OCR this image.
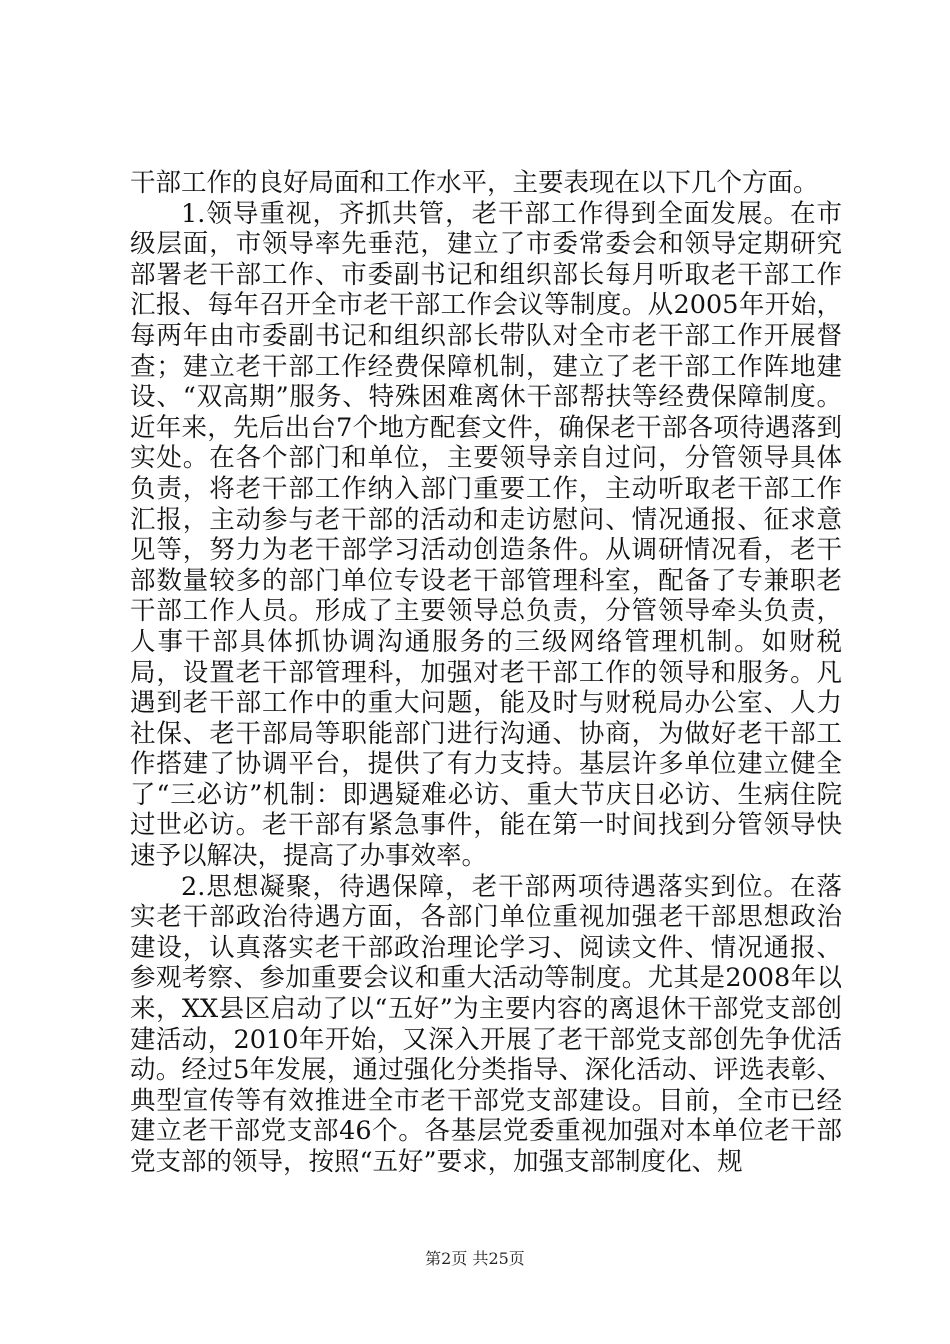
干部工作的良好局面和工作水平，主要表现在以下几个方面。

1.领导重视，齐抓共管，老干部工作得到全面发展。在市级层面，市领导率先垂范，建立了市委常委会和领导定期研究部署老干部工作、市委副书记和组织部长每月听取老干部工作汇报、每年召开全市老干部工作会议等制度。从2005年开始，每两年由市委副书记和组织部长带队对全市老干部工作开展督查；建立老干部工作经费保障机制，建立了老干部工作阵地建设、“双高期”服务、特殊困难离休干部帮扶等经费保障制度。近年来，先后出台7个地方配套文件，确保老干部各项待遇落到实处。在各个部门和单位，主要领导亲自过问，分管领导具体负责，将老干部工作纳入部门重要工作，主动听取老干部工作汇报，主动参与老干部的活动和走访慰问、情况通报、征求意见等，努力为老干部学习活动创造条件。从调研情况看，老干部数量较多的部门单位专设老干部管理科室，配备了专兼职老干部工作人员。形成了主要领导总负责，分管领导牵头负责，人事干部具体抓协调沟通服务的三级网络管理机制。如财税局，设置老干部管理科，加强对老干部工作的领导和服务。凡遇到老干部工作中的重大问题，能及时与财税局办公室、人力社保、老干部局等职能部门进行沟通、协商，为做好老干部工作搭建了协调平台，提供了有力支持。基层许多单位建立健全了“三必访”机制：即遇疑难必访、重大节庆日必访、生病住院过世必访。老干部有紧急事件，能在第一时间找到分管领导快速予以解决，提高了办事效率。

2.思想凝聚，待遇保障，老干部两项待遇落实到位。在落实老干部政治待遇方面，各部门单位重视加强老干部思想政治建设，认真落实老干部政治理论学习、阅读文件、情况通报、参观考察、参加重要会议和重大活动等制度。尤其是2008年以来，XX县区启动了以“五好”为主要内容的离退休干部党支部创建活动，2010年开始，又深入开展了老干部党支部创先争优活动。经过5年发展，通过强化分类指导、深化活动、评选表彰、典型宣传等有效推进全市老干部党支部建设。目前，全市已经建立老干部党支部46个。各基层党委重视加强对本单位老干部党支部的领导，按照“五好”要求，加强支部制度化、规

第2页 共25页
